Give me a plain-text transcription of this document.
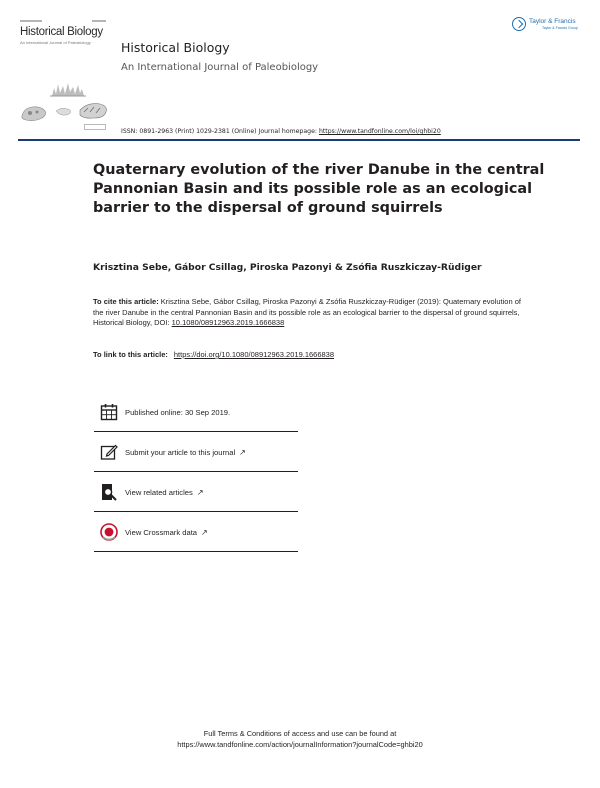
Historical Biology
An International Journal of Paleobiology Historical Biology
An International Journal of Paleobiology
Taylor & Francis
Taylor & Francis Group
ISSN: 0891-2963 (Print) 1029-2381 (Online) Journal homepage: https://www.tandfonline.com/loi/ghbi20
Quaternary evolution of the river Danube in the central Pannonian Basin and its possible role as an ecological barrier to the dispersal of ground squirrels
Krisztina Sebe, Gábor Csillag, Piroska Pazonyi & Zsófia Ruszkiczay-Rüdiger
To cite this article: Krisztina Sebe, Gábor Csillag, Piroska Pazonyi & Zsófia Ruszkiczay-Rüdiger (2019): Quaternary evolution of the river Danube in the central Pannonian Basin and its possible role as an ecological barrier to the dispersal of ground squirrels, Historical Biology, DOI: 10.1080/08912963.2019.1666838
To link to this article: https://doi.org/10.1080/08912963.2019.1666838
Published online: 30 Sep 2019.
Submit your article to this journal ↗
View related articles ↗
View Crossmark data ↗
Full Terms & Conditions of access and use can be found at
https://www.tandfonline.com/action/journalInformation?journalCode=ghbi20
